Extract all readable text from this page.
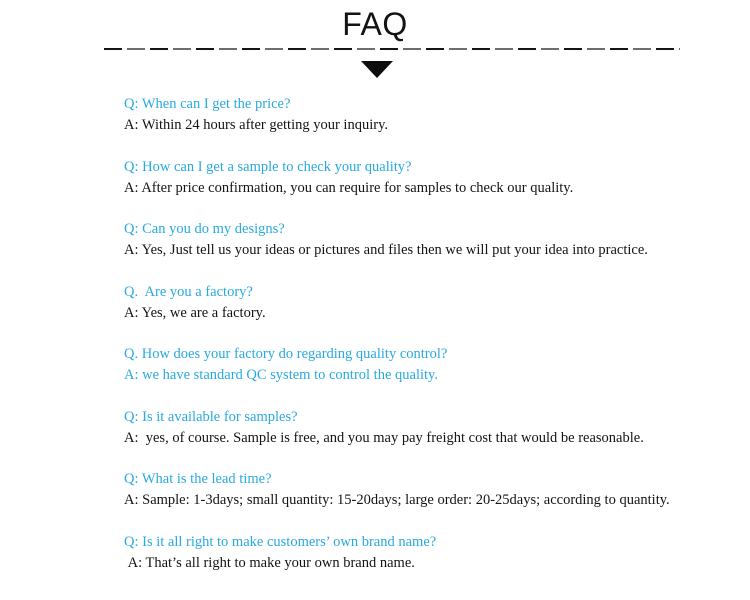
FAQ
Q: When can I get the price?
A: Within 24 hours after getting your inquiry.
Q: How can I get a sample to check your quality?
A: After price confirmation, you can require for samples to check our quality.
Q: Can you do my designs?
A: Yes, Just tell us your ideas or pictures and files then we will put your idea into practice.
Q.  Are you a factory?
A: Yes, we are a factory.
Q. How does your factory do regarding quality control?
A: we have standard QC system to control the quality.
Q: Is it available for samples?
A:  yes, of course. Sample is free, and you may pay freight cost that would be reasonable.
Q: What is the lead time?
A: Sample: 1-3days; small quantity: 15-20days; large order: 20-25days; according to quantity.
Q: Is it all right to make customers’ own brand name?
A: That’s all right to make your own brand name.
